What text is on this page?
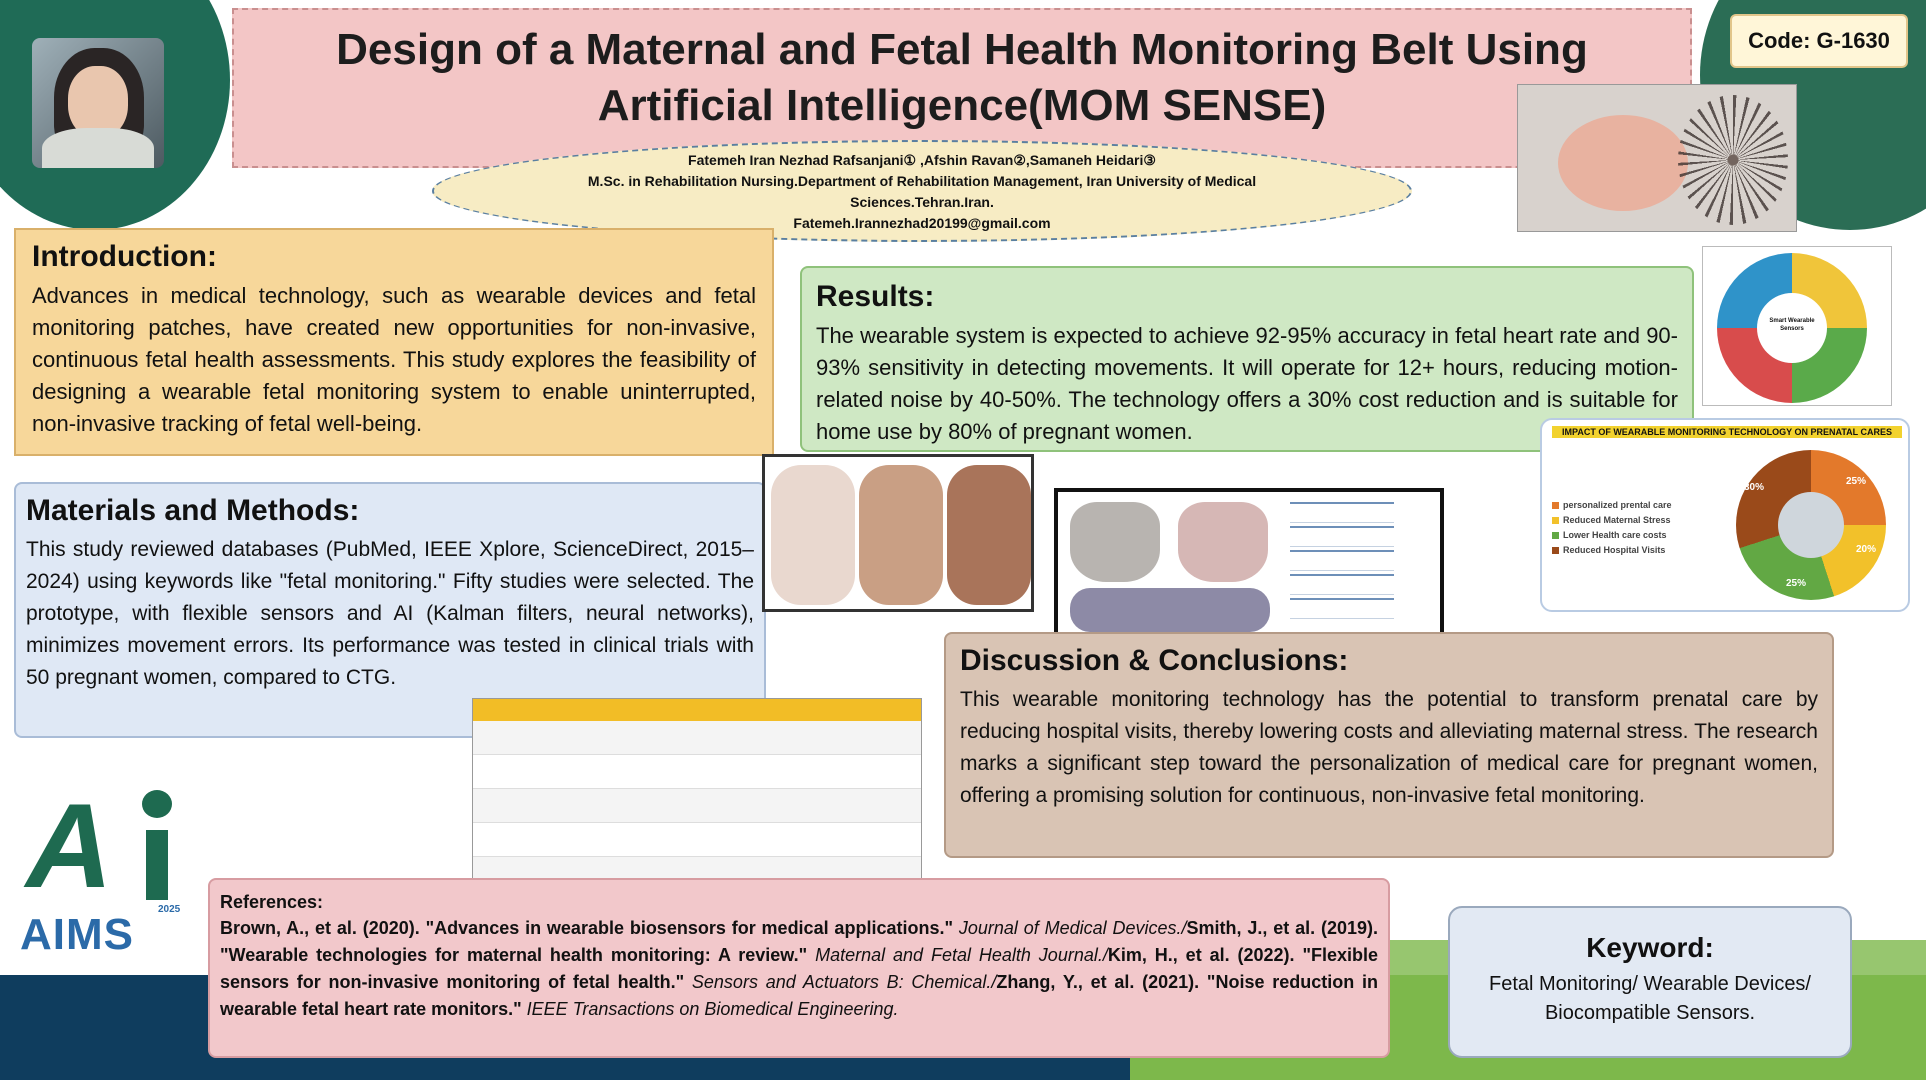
Design of a Maternal and Fetal Health Monitoring Belt Using
Artificial Intelligence(MOM SENSE)
Fatemeh Iran Nezhad Rafsanjani① ,Afshin Ravan②,Samaneh Heidari③
M.Sc. in Rehabilitation Nursing.Department of Rehabilitation Management, Iran University of Medical
Sciences.Tehran.Iran.
Fatemeh.Irannezhad20199@gmail.com
Code: G-1630
Introduction:

Advances in medical technology, such as wearable devices and fetal monitoring patches, have created new opportunities for non-invasive, continuous fetal health assessments. This study explores the feasibility of designing a wearable fetal monitoring system to enable uninterrupted, non-invasive tracking of fetal well-being.

Results:

The wearable system is expected to achieve 92-95% accuracy in fetal heart rate and 90-93% sensitivity in detecting movements. It will operate for 12+ hours, reducing motion-related noise by 40-50%. The technology offers a 30% cost reduction and is suitable for home use by 80% of pregnant women.

Smart Wearable Sensors
Materials and Methods:

This study reviewed databases (PubMed, IEEE Xplore, ScienceDirect, 2015–2024) using keywords like "fetal monitoring." Fifty studies were selected. The prototype, with flexible sensors and AI (Kalman filters, neural networks), minimizes movement errors. Its performance was tested in clinical trials with 50 pregnant women, compared to CTG.

IMPACT OF WEARABLE MONITORING TECHNOLOGY ON PRENATAL CARES
personalized prental care
Reduced Maternal Stress
Lower Health care costs
Reduced Hospital Visits
25%
20%
25%
30%
Discussion & Conclusions:

This wearable monitoring technology has the potential to transform prenatal care by reducing hospital visits, thereby lowering costs and alleviating maternal stress. The research marks a significant step toward the personalization of medical care for pregnant women, offering a promising solution for continuous, non-invasive fetal monitoring.

A
AIMS
2025 References:

Brown, A., et al. (2020). "Advances in wearable biosensors for medical applications." Journal of Medical Devices./Smith, J., et al. (2019). "Wearable technologies for maternal health monitoring: A review." Maternal and Fetal Health Journal./Kim, H., et al. (2022). "Flexible sensors for non-invasive monitoring of fetal health." Sensors and Actuators B: Chemical./Zhang, Y., et al. (2021). "Noise reduction in wearable fetal heart rate monitors." IEEE Transactions on Biomedical Engineering.

Keyword:
Fetal Monitoring/ Wearable Devices/
Biocompatible Sensors.
